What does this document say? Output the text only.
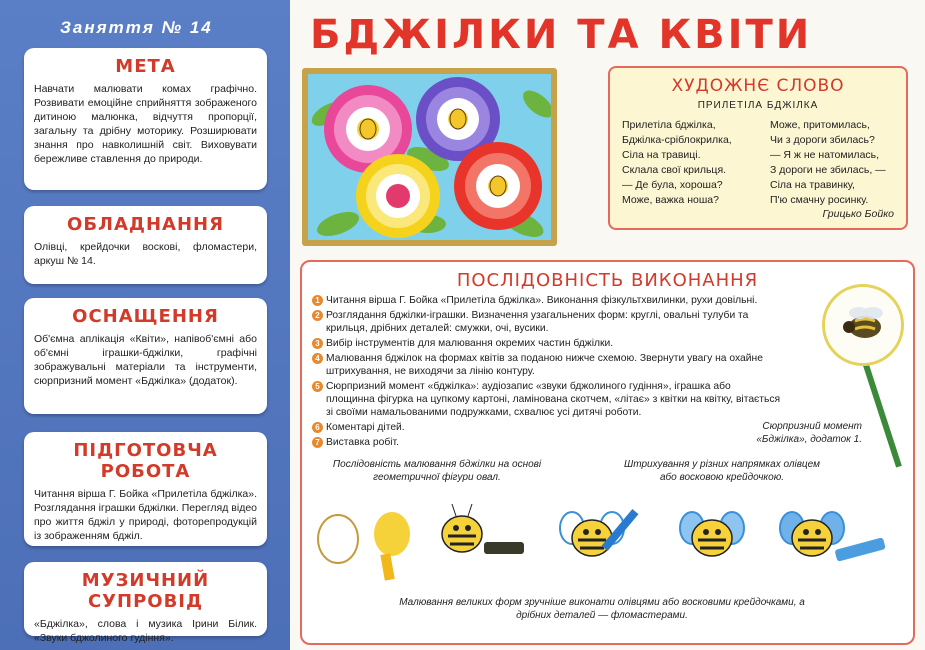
Заняття № 14
МЕТА

Навчати малювати комах графічно. Розвивати емоційне сприйняття зображеного дитиною малюнка, відчуття пропорції, загальну та дрібну моторику. Розширювати знання про навколишній світ. Виховувати бережливе ставлення до природи.

ОБЛАДНАННЯ

Олівці, крейдочки воскові, фломастери, аркуш № 14.

ОСНАЩЕННЯ

Об'ємна аплікація «Квіти», напівоб'ємні або об'ємні іграшки-бджілки, графічні зображувальні матеріали та інструменти, сюрпризний момент «Бджілка» (додаток).

ПІДГОТОВЧА РОБОТА

Читання вірша Г. Бойка «Прилетіла бджілка». Розглядання іграшки бджілки. Перегляд відео про життя бджіл у природі, фоторепродукцій із зображенням бджіл.

МУЗИЧНИЙ СУПРОВІД

«Бджілка», слова і музика Ірини Білик. «Звуки бджолиного гудіння».

БДЖІЛКИ ТА КВІТИ
ХУДОЖНЄ СЛОВО
ПРИЛЕТІЛА БДЖІЛКА
Прилетіла бджілка,
Бджілка-сріблокрилка,
Сіла на травиці.
Склала свої крильця.
— Де була, хороша?
Може, важка ноша?
Може, притомилась,
Чи з дороги збилась?
— Я ж не натомилась,
З дороги не збилась, —
Сіла на травинку,
П'ю смачну росинку.
Грицько Бойко
ПОСЛІДОВНІСТЬ ВИКОНАННЯ
1 Читання вірша Г. Бойка «Прилетіла бджілка». Виконання фізкультхвилинки, рухи довільні.
2 Розглядання бджілки-іграшки. Визначення узагальнених форм: круглі, овальні тулуби та крильця, дрібних деталей: смужки, очі, вусики.
3 Вибір інструментів для малювання окремих частин бджілки.
4 Малювання бджілок на формах квітів за поданою нижче схемою. Звернути увагу на охайне штрихування, не виходячи за лінію контуру.
5 Сюрпризний момент «бджілка»: аудіозапис «звуки бджолиного гудіння», іграшка або площинна фігурка на цупкому картоні, ламінована скотчем, «літає» з квітки на квітку, вітається зі своїми намальованими подружками, схвалює усі дитячі роботи.
6 Коментарі дітей.
7 Виставка робіт.
Сюрпризний момент «Бджілка», додаток 1.
Послідовність малювання бджілки на основі геометричної фігури овал.
Штрихування у різних напрямках олівцем або восковою крейдочкою.
Малювання великих форм зручніше виконати олівцями або восковими крейдочками, а дрібних деталей — фломастерами.
